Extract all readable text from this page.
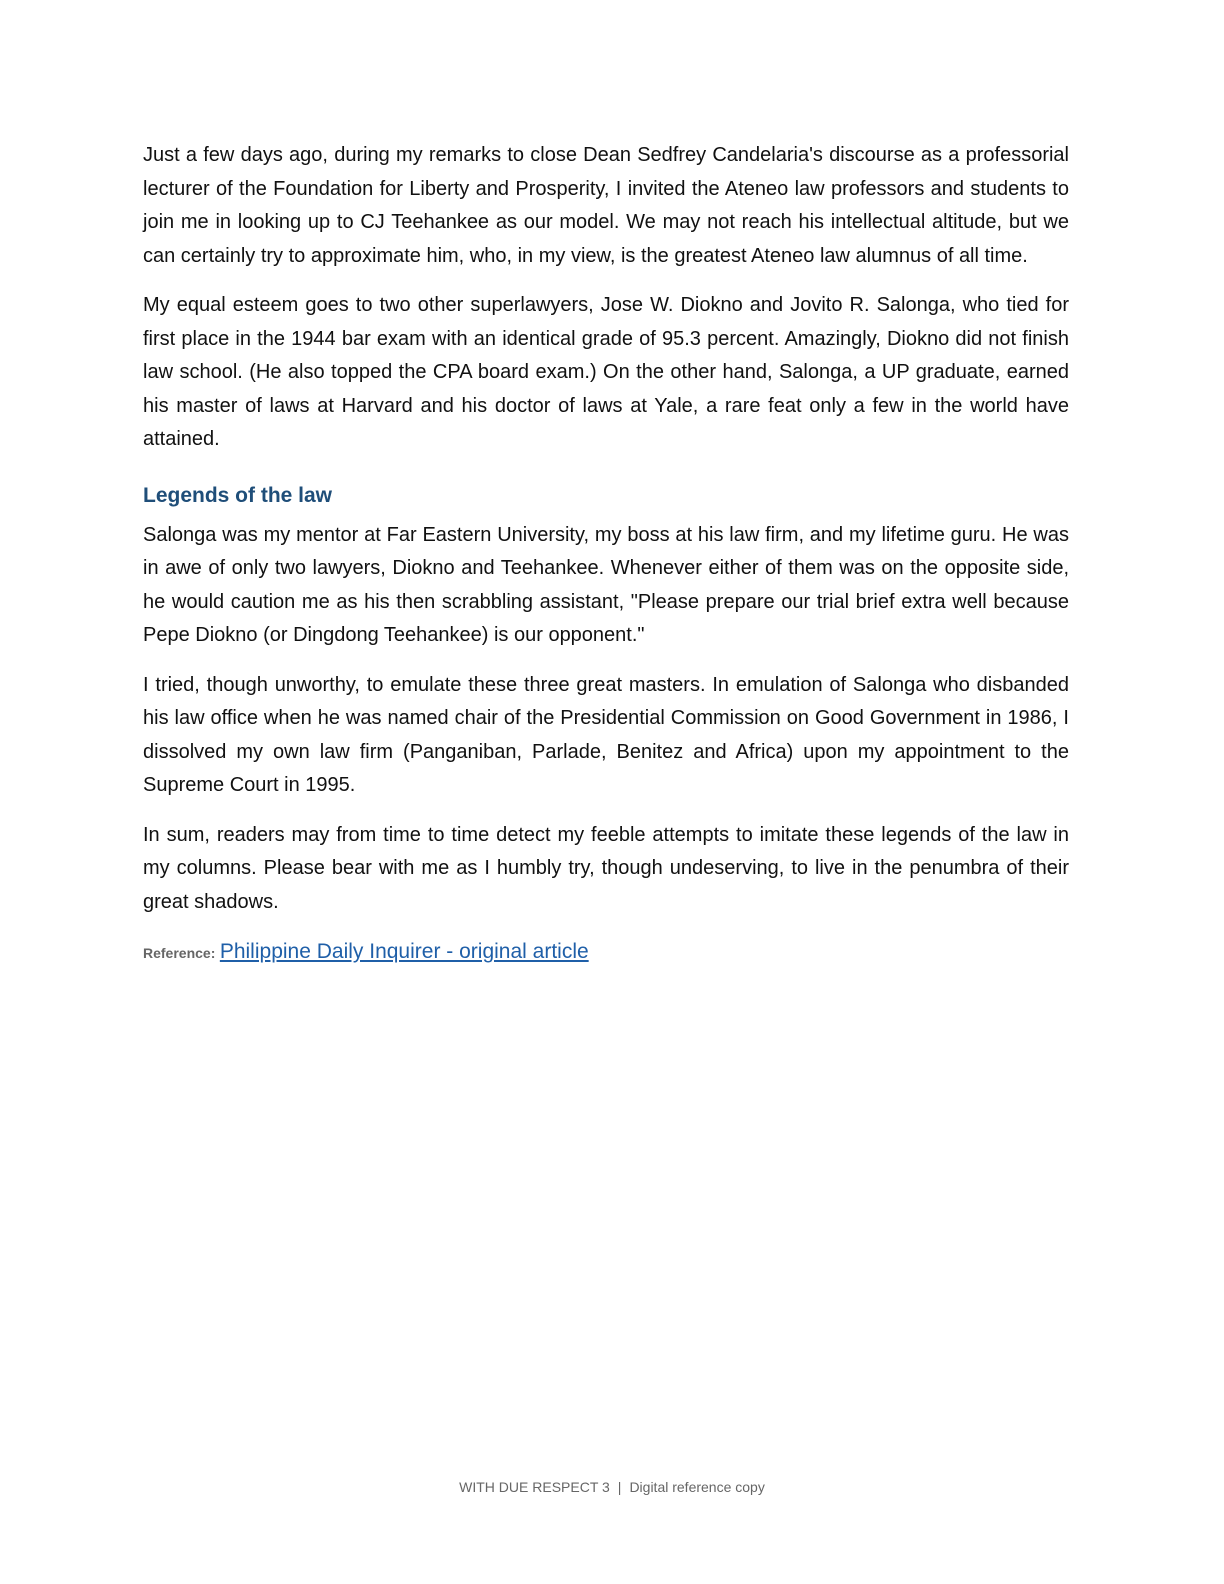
Just a few days ago, during my remarks to close Dean Sedfrey Candelaria's discourse as a professorial lecturer of the Foundation for Liberty and Prosperity, I invited the Ateneo law professors and students to join me in looking up to CJ Teehankee as our model. We may not reach his intellectual altitude, but we can certainly try to approximate him, who, in my view, is the greatest Ateneo law alumnus of all time.

My equal esteem goes to two other superlawyers, Jose W. Diokno and Jovito R. Salonga, who tied for first place in the 1944 bar exam with an identical grade of 95.3 percent. Amazingly, Diokno did not finish law school. (He also topped the CPA board exam.) On the other hand, Salonga, a UP graduate, earned his master of laws at Harvard and his doctor of laws at Yale, a rare feat only a few in the world have attained.

Legends of the law

Salonga was my mentor at Far Eastern University, my boss at his law firm, and my lifetime guru. He was in awe of only two lawyers, Diokno and Teehankee. Whenever either of them was on the opposite side, he would caution me as his then scrabbling assistant, "Please prepare our trial brief extra well because Pepe Diokno (or Dingdong Teehankee) is our opponent."

I tried, though unworthy, to emulate these three great masters. In emulation of Salonga who disbanded his law office when he was named chair of the Presidential Commission on Good Government in 1986, I dissolved my own law firm (Panganiban, Parlade, Benitez and Africa) upon my appointment to the Supreme Court in 1995.

In sum, readers may from time to time detect my feeble attempts to imitate these legends of the law in my columns. Please bear with me as I humbly try, though undeserving, to live in the penumbra of their great shadows.

Reference: Philippine Daily Inquirer - original article
WITH DUE RESPECT 3 | Digital reference copy
